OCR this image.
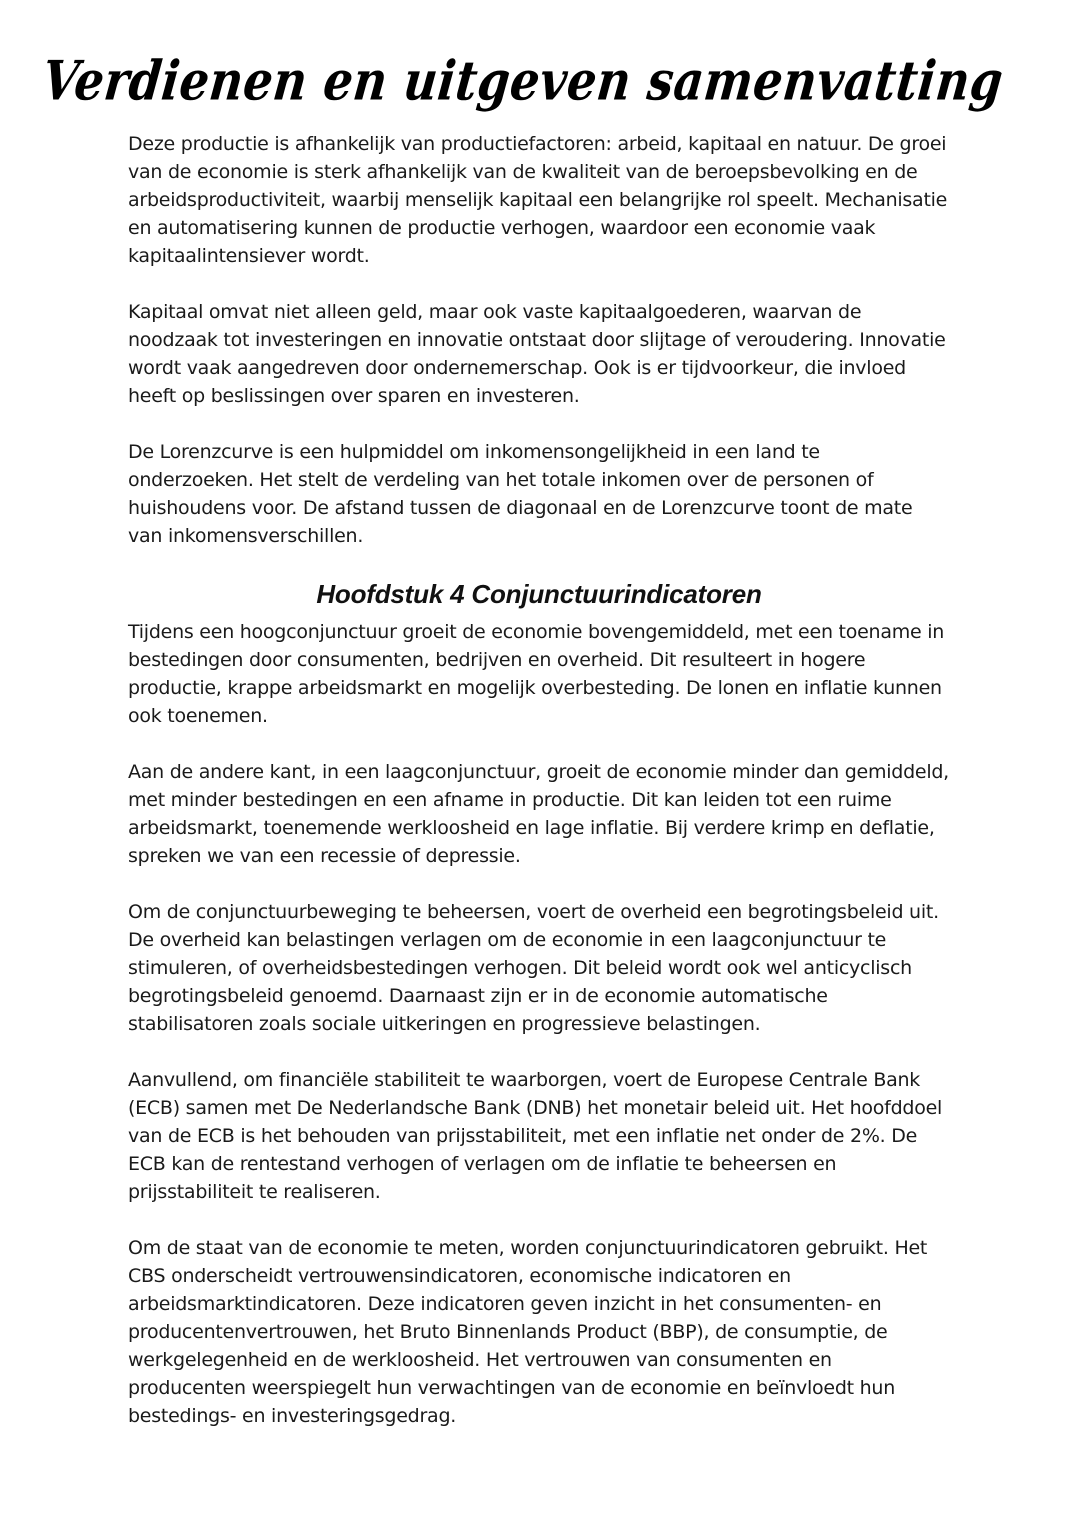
Verdienen en uitgeven samenvatting

Deze productie is afhankelijk van productiefactoren: arbeid, kapitaal en natuur. De groei van de economie is sterk afhankelijk van de kwaliteit van de beroepsbevolking en de arbeidsproductiviteit, waarbij menselijk kapitaal een belangrijke rol speelt. Mechanisatie en automatisering kunnen de productie verhogen, waardoor een economie vaak kapitaalintensiever wordt.

Kapitaal omvat niet alleen geld, maar ook vaste kapitaalgoederen, waarvan de noodzaak tot investeringen en innovatie ontstaat door slijtage of veroudering. Innovatie wordt vaak aangedreven door ondernemerschap. Ook is er tijdvoorkeur, die invloed heeft op beslissingen over sparen en investeren.

De Lorenzcurve is een hulpmiddel om inkomensongelijkheid in een land te onderzoeken. Het stelt de verdeling van het totale inkomen over de personen of huishoudens voor. De afstand tussen de diagonaal en de Lorenzcurve toont de mate van inkomensverschillen.

Hoofdstuk 4 Conjunctuurindicatoren

Tijdens een hoogconjunctuur groeit de economie bovengemiddeld, met een toename in bestedingen door consumenten, bedrijven en overheid. Dit resulteert in hogere productie, krappe arbeidsmarkt en mogelijk overbesteding. De lonen en inflatie kunnen ook toenemen.

Aan de andere kant, in een laagconjunctuur, groeit de economie minder dan gemiddeld, met minder bestedingen en een afname in productie. Dit kan leiden tot een ruime arbeidsmarkt, toenemende werkloosheid en lage inflatie. Bij verdere krimp en deflatie, spreken we van een recessie of depressie.

Om de conjunctuurbeweging te beheersen, voert de overheid een begrotingsbeleid uit. De overheid kan belastingen verlagen om de economie in een laagconjunctuur te stimuleren, of overheidsbestedingen verhogen. Dit beleid wordt ook wel anticyclisch begrotingsbeleid genoemd. Daarnaast zijn er in de economie automatische stabilisatoren zoals sociale uitkeringen en progressieve belastingen.

Aanvullend, om financiële stabiliteit te waarborgen, voert de Europese Centrale Bank (ECB) samen met De Nederlandsche Bank (DNB) het monetair beleid uit. Het hoofddoel van de ECB is het behouden van prijsstabiliteit, met een inflatie net onder de 2%. De ECB kan de rentestand verhogen of verlagen om de inflatie te beheersen en prijsstabiliteit te realiseren.

Om de staat van de economie te meten, worden conjunctuurindicatoren gebruikt. Het CBS onderscheidt vertrouwensindicatoren, economische indicatoren en arbeidsmarktindicatoren. Deze indicatoren geven inzicht in het consumenten- en producentenvertrouwen, het Bruto Binnenlands Product (BBP), de consumptie, de werkgelegenheid en de werkloosheid. Het vertrouwen van consumenten en producenten weerspiegelt hun verwachtingen van de economie en beïnvloedt hun bestedings- en investeringsgedrag.
